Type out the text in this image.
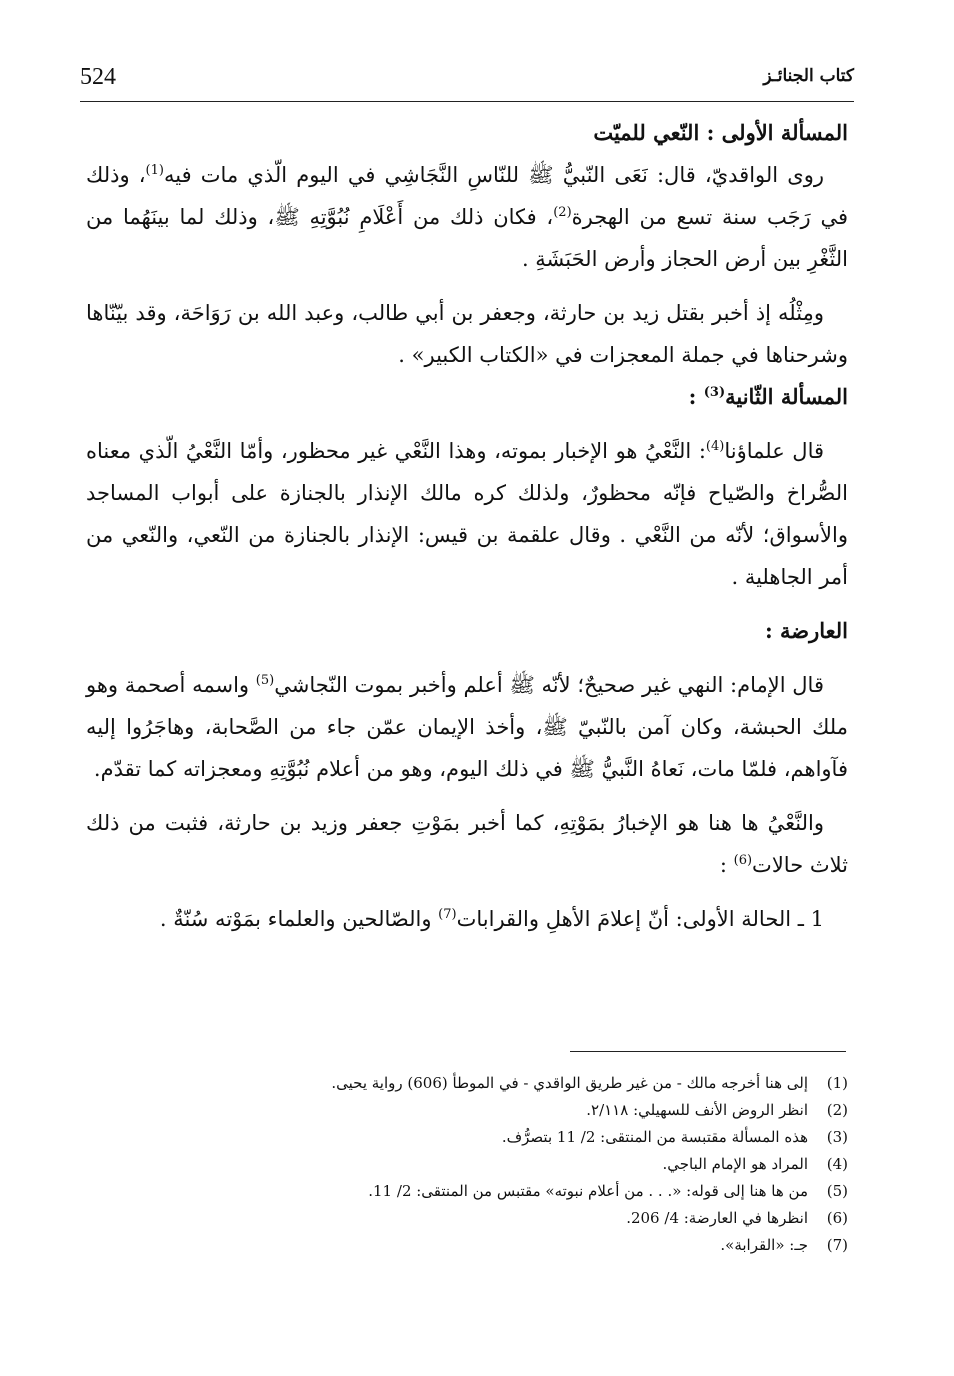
524	كتاب الجنائـز
المسألة الأولى : النّعي للميّت

روى الواقديّ، قال: نَعَى النّبيُّ ﷺ للنّاسِ النَّجَاشِي في اليوم الّذي مات فيه$^{(1)}$، وذلك في رَجَب سنة تسع من الهجرة$^{(2)}$، فكان ذلك من أَعْلَامِ نُبُوَّتِهِ ﷺ، وذلك لما بينَهُما من الثَّغْرِ بين أرض الحجاز وأرض الحَبَشَةِ .

ومِثْلُه إذ أخبر بقتل زيد بن حارثة، وجعفر بن أبي طالب، وعبد الله بن رَوَاحَة، وقد بيّنّاها وشرحناها في جملة المعجزات في «الكتاب الكبير» .

المسألة الثّانية$^{(3)}$ :

قال علماؤنا$^{(4)}$: النَّعْيُ هو الإخبار بموته، وهذا النَّعْي غير محظور، وأمّا النَّعْيُ الّذي معناه الصُّراخ والصّياح فإنّه محظورٌ، ولذلك كره مالك الإنذار بالجنازة على أبواب المساجد والأسواق؛ لأنّه من النَّعْي . وقال علقمة بن قيس: الإنذار بالجنازة من النّعي، والنّعي من أمر الجاهلية .

العارضة :

قال الإمام: النهي غير صحيحٌ؛ لأنّه ﷺ أعلم وأخبر بموت النّجاشي$^{(5)}$ واسمه أصحمة وهو ملك الحبشة، وكان آمن بالنّبيّ ﷺ، وأخذ الإيمان عمّن جاء من الصَّحابة، وهاجَرُوا إليه فآواهم، فلمّا مات، نَعاهُ النَّبيُّ ﷺ في ذلك اليوم، وهو من أعلام نُبُوَّتِهِ ومعجزاته كما تقدّم.

والنَّعْيُ ها هنا هو الإخبارُ بمَوْتِهِ، كما أخبر بمَوْتِ جعفر وزيد بن حارثة، فثبت من ذلك ثلاث حالات$^{(6)}$ :

1 ـ الحالة الأولى: أنّ إعلامَ الأهلِ والقرابات$^{(7)}$ والصّالحين والعلماء بمَوْته سُنّةٌ .

(1)
إلى هنا أخرجه مالك - من غير طريق الواقدي - في الموطأ (606) رواية يحيى.
(2)
انظر الروض الأنف للسهيلي: ٢/١١٨.
(3)
هذه المسألة مقتبسة من المنتقى: 2/ 11 بتصرُّف.
(4)
المراد هو الإمام الباجي.
(5)
من ها هنا إلى قوله: «. . . من أعلام نبوته» مقتبس من المنتقى: 2/ 11.
(6)
انظرها في العارضة: 4/ 206.
(7)
جـ: «القرابة».
